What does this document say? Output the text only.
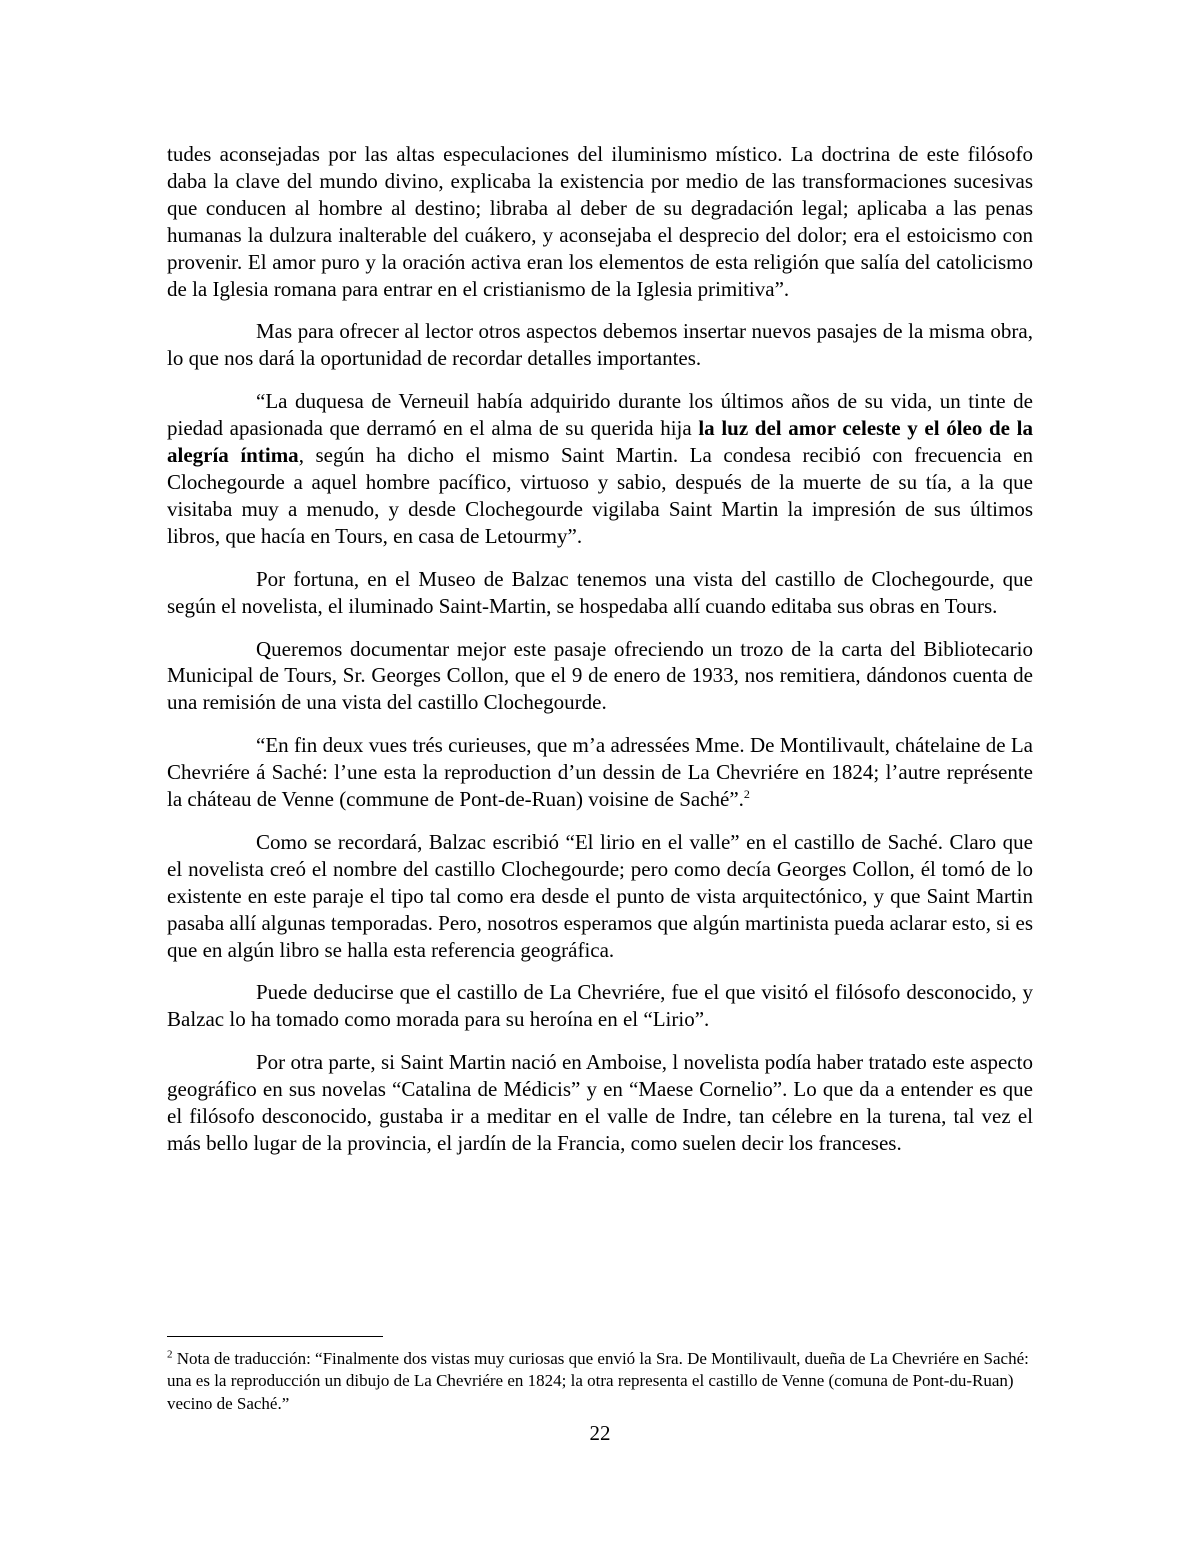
tudes aconsejadas por las altas especulaciones del iluminismo místico. La doctrina de este filósofo daba la clave del mundo divino, explicaba la existencia por medio de las transformaciones sucesivas que conducen al hombre al destino; libraba al deber de su degradación legal; aplicaba a las penas humanas la dulzura inalterable del cuákero, y aconsejaba el desprecio del dolor; era el estoicismo con provenir. El amor puro y la oración activa eran los elementos de esta religión que salía del catolicismo de la Iglesia romana para entrar en el cristianismo de la Iglesia primitiva”.

Mas para ofrecer al lector otros aspectos debemos insertar nuevos pasajes de la misma obra, lo que nos dará la oportunidad de recordar detalles importantes.

“La duquesa de Verneuil había adquirido durante los últimos años de su vida, un tinte de piedad apasionada que derramó en el alma de su querida hija la luz del amor celeste y el óleo de la alegría íntima, según ha dicho el mismo Saint Martin. La condesa recibió con frecuencia en Clochegourde a aquel hombre pacífico, virtuoso y sabio, después de la muerte de su tía, a la que visitaba muy a menudo, y desde Clochegourde vigilaba Saint Martin la impresión de sus últimos libros, que hacía en Tours, en casa de Letourmy”.

Por fortuna, en el Museo de Balzac tenemos una vista del castillo de Clochegourde, que según el novelista, el iluminado Saint-Martin, se hospedaba allí cuando editaba sus obras en Tours.

Queremos documentar mejor este pasaje ofreciendo un trozo de la carta del Bibliotecario Municipal de Tours, Sr. Georges Collon, que el 9 de enero de 1933, nos remitiera, dándonos cuenta de una remisión de una vista del castillo Clochegourde.

“En fin deux vues trés curieuses, que m’a adressées Mme. De Montilivault, chátelaine de La Chevriére á Saché: l’une esta la reproduction d’un dessin de La Chevriére en 1824; l’autre représente la cháteau de Venne (commune de Pont-de-Ruan) voisine de Saché”.$^2$

Como se recordará, Balzac escribió “El lirio en el valle” en el castillo de Saché. Claro que el novelista creó el nombre del castillo Clochegourde; pero como decía Georges Collon, él tomó de lo existente en este paraje el tipo tal como era desde el punto de vista arquitectónico, y que Saint Martin pasaba allí algunas temporadas. Pero, nosotros esperamos que algún martinista pueda aclarar esto, si es que en algún libro se halla esta referencia geográfica.

Puede deducirse que el castillo de La Chevriére, fue el que visitó el filósofo desconocido, y Balzac lo ha tomado como morada para su heroína en el “Lirio”.

Por otra parte, si Saint Martin nació en Amboise, l novelista podía haber tratado este aspecto geográfico en sus novelas “Catalina de Médicis” y en “Maese Cornelio”. Lo que da a entender es que el filósofo desconocido, gustaba ir a meditar en el valle de Indre, tan célebre en la turena, tal vez el más bello lugar de la provincia, el jardín de la Francia, como suelen decir los franceses.

$^2$ Nota de traducción: “Finalmente dos vistas muy curiosas que envió la Sra. De Montilivault, dueña de La Chevriére en Saché: una es la reproducción un dibujo de La Chevriére en 1824; la otra representa el castillo de Venne (comuna de Pont-du-Ruan) vecino de Saché.”
22
